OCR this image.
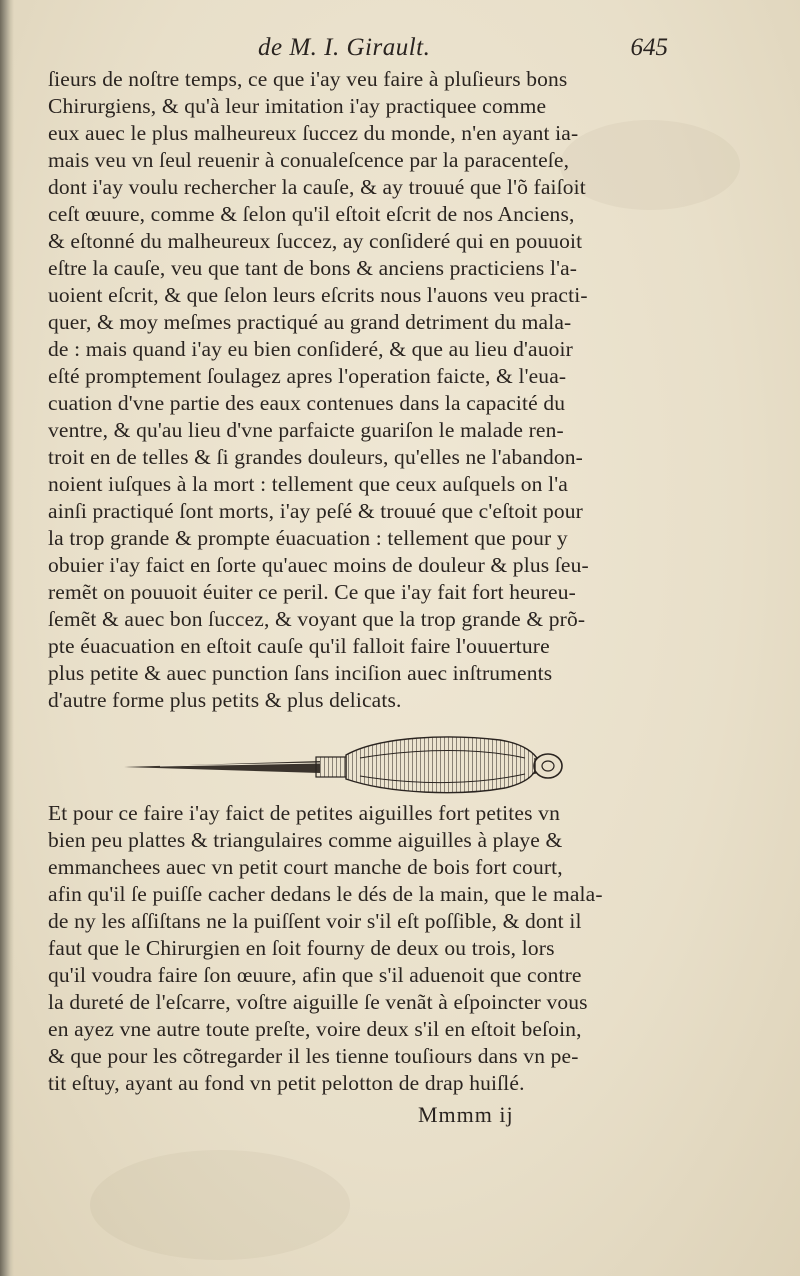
de M. I. Girault.	645
ſieurs de noſtre temps, ce que i'ay veu faire à pluſieurs bons
Chirurgiens, & qu'à leur imitation i'ay practiquee comme
eux auec le plus malheureux ſuccez du monde, n'en ayant ia-
mais veu vn ſeul reuenir à conualeſcence par la paracenteſe,
dont i'ay voulu rechercher la cauſe, & ay trouué que l'õ faiſoit
ceſt œuure, comme & ſelon qu'il eſtoit eſcrit de nos Anciens,
& eſtonné du malheureux ſuccez, ay conſideré qui en pouuoit
eſtre la cauſe, veu que tant de bons & anciens practiciens l'a-
uoient eſcrit, & que ſelon leurs eſcrits nous l'auons veu practi-
quer, & moy meſmes practiqué au grand detriment du mala-
de : mais quand i'ay eu bien conſideré, & que au lieu d'auoir
eſté promptement ſoulagez apres l'operation faicte, & l'eua-
cuation d'vne partie des eaux contenues dans la capacité du
ventre, & qu'au lieu d'vne parfaicte guariſon le malade ren-
troit en de telles & ſi grandes douleurs, qu'elles ne l'abandon-
noient iuſques à la mort : tellement que ceux auſquels on l'a
ainſi practiqué ſont morts, i'ay peſé & trouué que c'eſtoit pour
la trop grande & prompte éuacuation : tellement que pour y
obuier i'ay faict en ſorte qu'auec moins de douleur & plus ſeu-
remẽt on pouuoit éuiter ce peril. Ce que i'ay fait fort heureu-
ſemẽt & auec bon ſuccez, & voyant que la trop grande & prõ-
pte éuacuation en eſtoit cauſe qu'il falloit faire l'ouuerture
plus petite & auec punction ſans inciſion auec inſtruments
d'autre forme plus petits & plus delicats.
Et pour ce faire i'ay faict de petites aiguilles fort petites vn
bien peu plattes & triangulaires comme aiguilles à playe &
emmanchees auec vn petit court manche de bois fort court,
afin qu'il ſe puiſſe cacher dedans le dés de la main, que le mala-
de ny les aſſiſtans ne la puiſſent voir s'il eſt poſſible, & dont il
faut que le Chirurgien en ſoit fourny de deux ou trois, lors
qu'il voudra faire ſon œuure, afin que s'il aduenoit que contre
la dureté de l'eſcarre, voſtre aiguille ſe venãt à eſpoincter vous
en ayez vne autre toute preſte, voire deux s'il en eſtoit beſoin,
& que pour les cõtregarder il les tienne touſiours dans vn pe-
tit eſtuy, ayant au fond vn petit pelotton de drap huiſlé.
Mmmm ij
